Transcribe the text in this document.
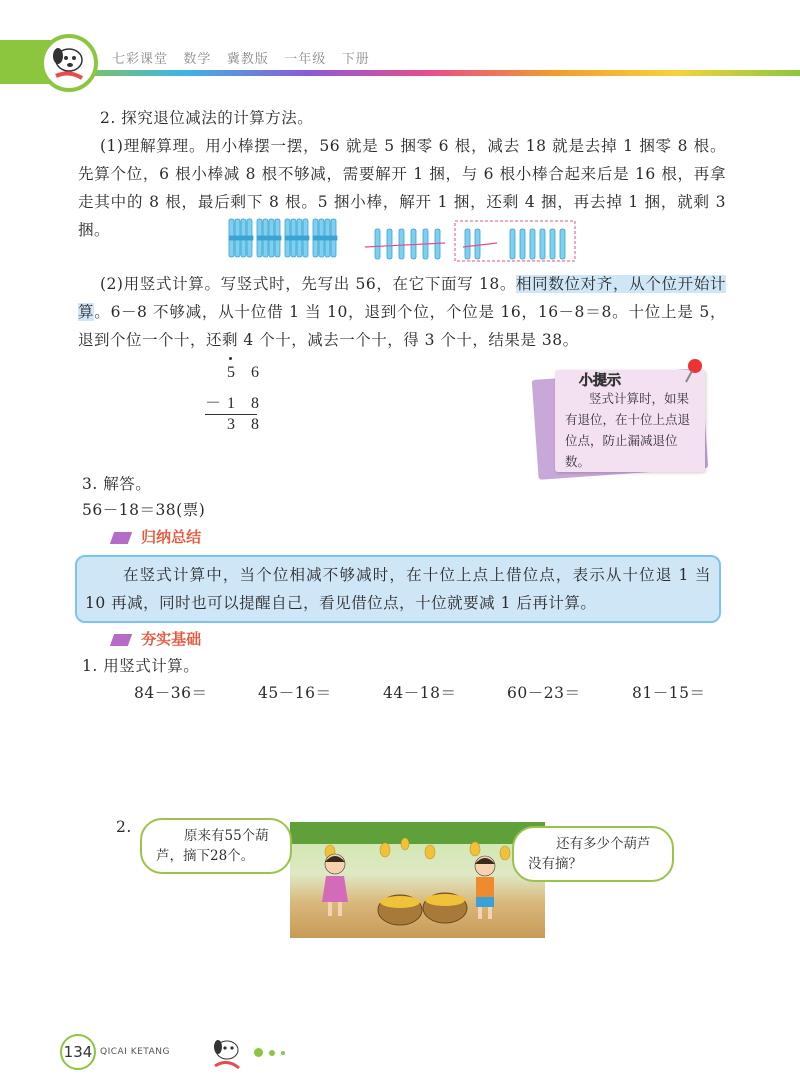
七彩课堂 数学 冀教版 一年级 下册
2. 探究退位减法的计算方法。
(1)理解算理。用小棒摆一摆，56 就是 5 捆零 6 根，减去 18 就是去掉 1 捆零 8 根。先算个位，6 根小棒减 8 根不够减，需要解开 1 捆，与 6 根小棒合起来后是 16 根，再拿走其中的 8 根，最后剩下 8 根。5 捆小棒，解开 1 捆，还剩 4 捆，再去掉 1 捆，就剩 3 捆。
(2)用竖式计算。写竖式时，先写出 56，在它下面写 18。相同数位对齐，从个位开始计算。6－8 不够减，从十位借 1 当 10，退到个位，个位是 16，16－8＝8。十位上是 5，退到个位一个十，还剩 4 个十，减去一个十，得 3 个十，结果是 38。
5 6
－1 8
3 8
小提示
竖式计算时，如果有退位，在十位上点退位点，防止漏减退位数。
3. 解答。
56－18＝38(票)
归纳总结
在竖式计算中，当个位相减不够减时，在十位上点上借位点，表示从十位退 1 当 10 再减，同时也可以提醒自己，看见借位点，十位就要减 1 后再计算。
夯实基础
1. 用竖式计算。
84－36＝	45－16＝	44－18＝	60－23＝	81－15＝
2.	原来有55个葫芦，摘下28个。
还有多少个葫芦没有摘？
134 QICAI KETANG
